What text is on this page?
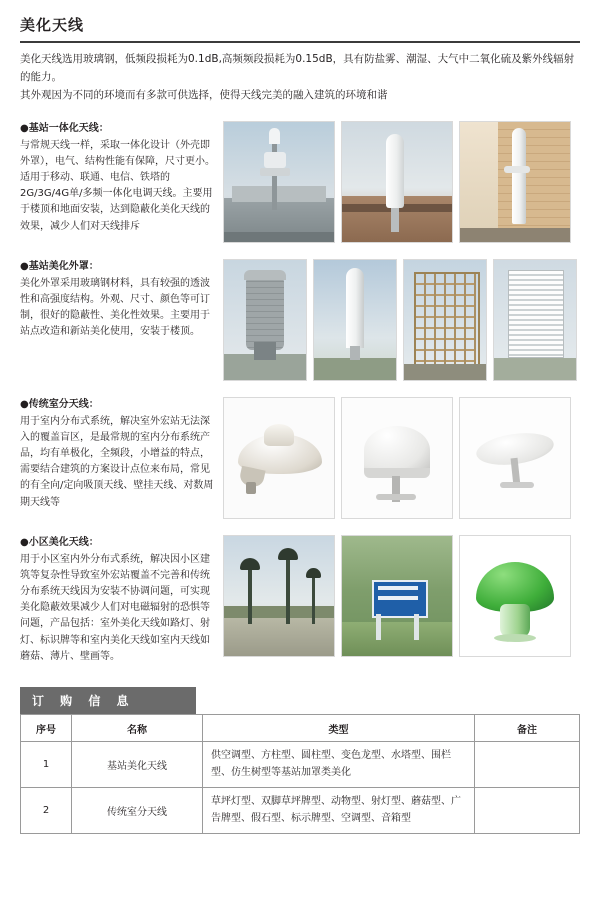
美化天线
美化天线选用玻璃钢，低频段损耗为0.1dB,高频频段损耗为0.15dB，具有防盐雾、潮湿、大气中二氧化硫及紫外线辐射的能力。
其外观因为不同的环境而有多款可供选择，使得天线完美的融入建筑的环境和谐
●基站一体化天线：
与常规天线一样，采取一体化设计（外壳即外罩），电气、结构性能有保障，尺寸更小。适用于移动、联通、电信、铁塔的2G/3G/4G单/多频一体化电调天线。主要用于楼顶和地面安装，达到隐蔽化美化天线的效果，减少人们对天线排斥
●基站美化外罩：
美化外罩采用玻璃钢材料，具有较强的透波性和高强度结构。外观、尺寸、颜色等可订制，很好的隐蔽性、美化性效果。主要用于站点改造和新站美化使用，安装于楼顶。
●传统室分天线：
用于室内分布式系统，解决室外宏站无法深入的覆盖盲区，是最常规的室内分布系统产品，均有单极化，全频段，小增益的特点，需要结合建筑的方案设计点位来布局，常见的有全向/定向吸顶天线、壁挂天线、对数周期天线等
●小区美化天线：
用于小区室内外分布式系统，解决因小区建筑等复杂性导致室外宏站覆盖不完善和传统分布系统天线因为安装不协调问题，可实现美化隐蔽效果减少人们对电磁辐射的恐惧等问题，产品包括：室外美化天线如路灯、射灯、标识牌等和室内美化天线如室内天线如蘑菇、薄片、壁画等。
订 购 信 息
序号	名称	类型	备注
1	基站美化天线	供空调型、方柱型、圆柱型、变色龙型、水塔型、围栏型、仿生树型等基站加罩类美化	
2	传统室分天线	草坪灯型、双脚草坪牌型、动物型、射灯型、蘑菇型、广告牌型、假石型、标示牌型、空调型、音箱型	
